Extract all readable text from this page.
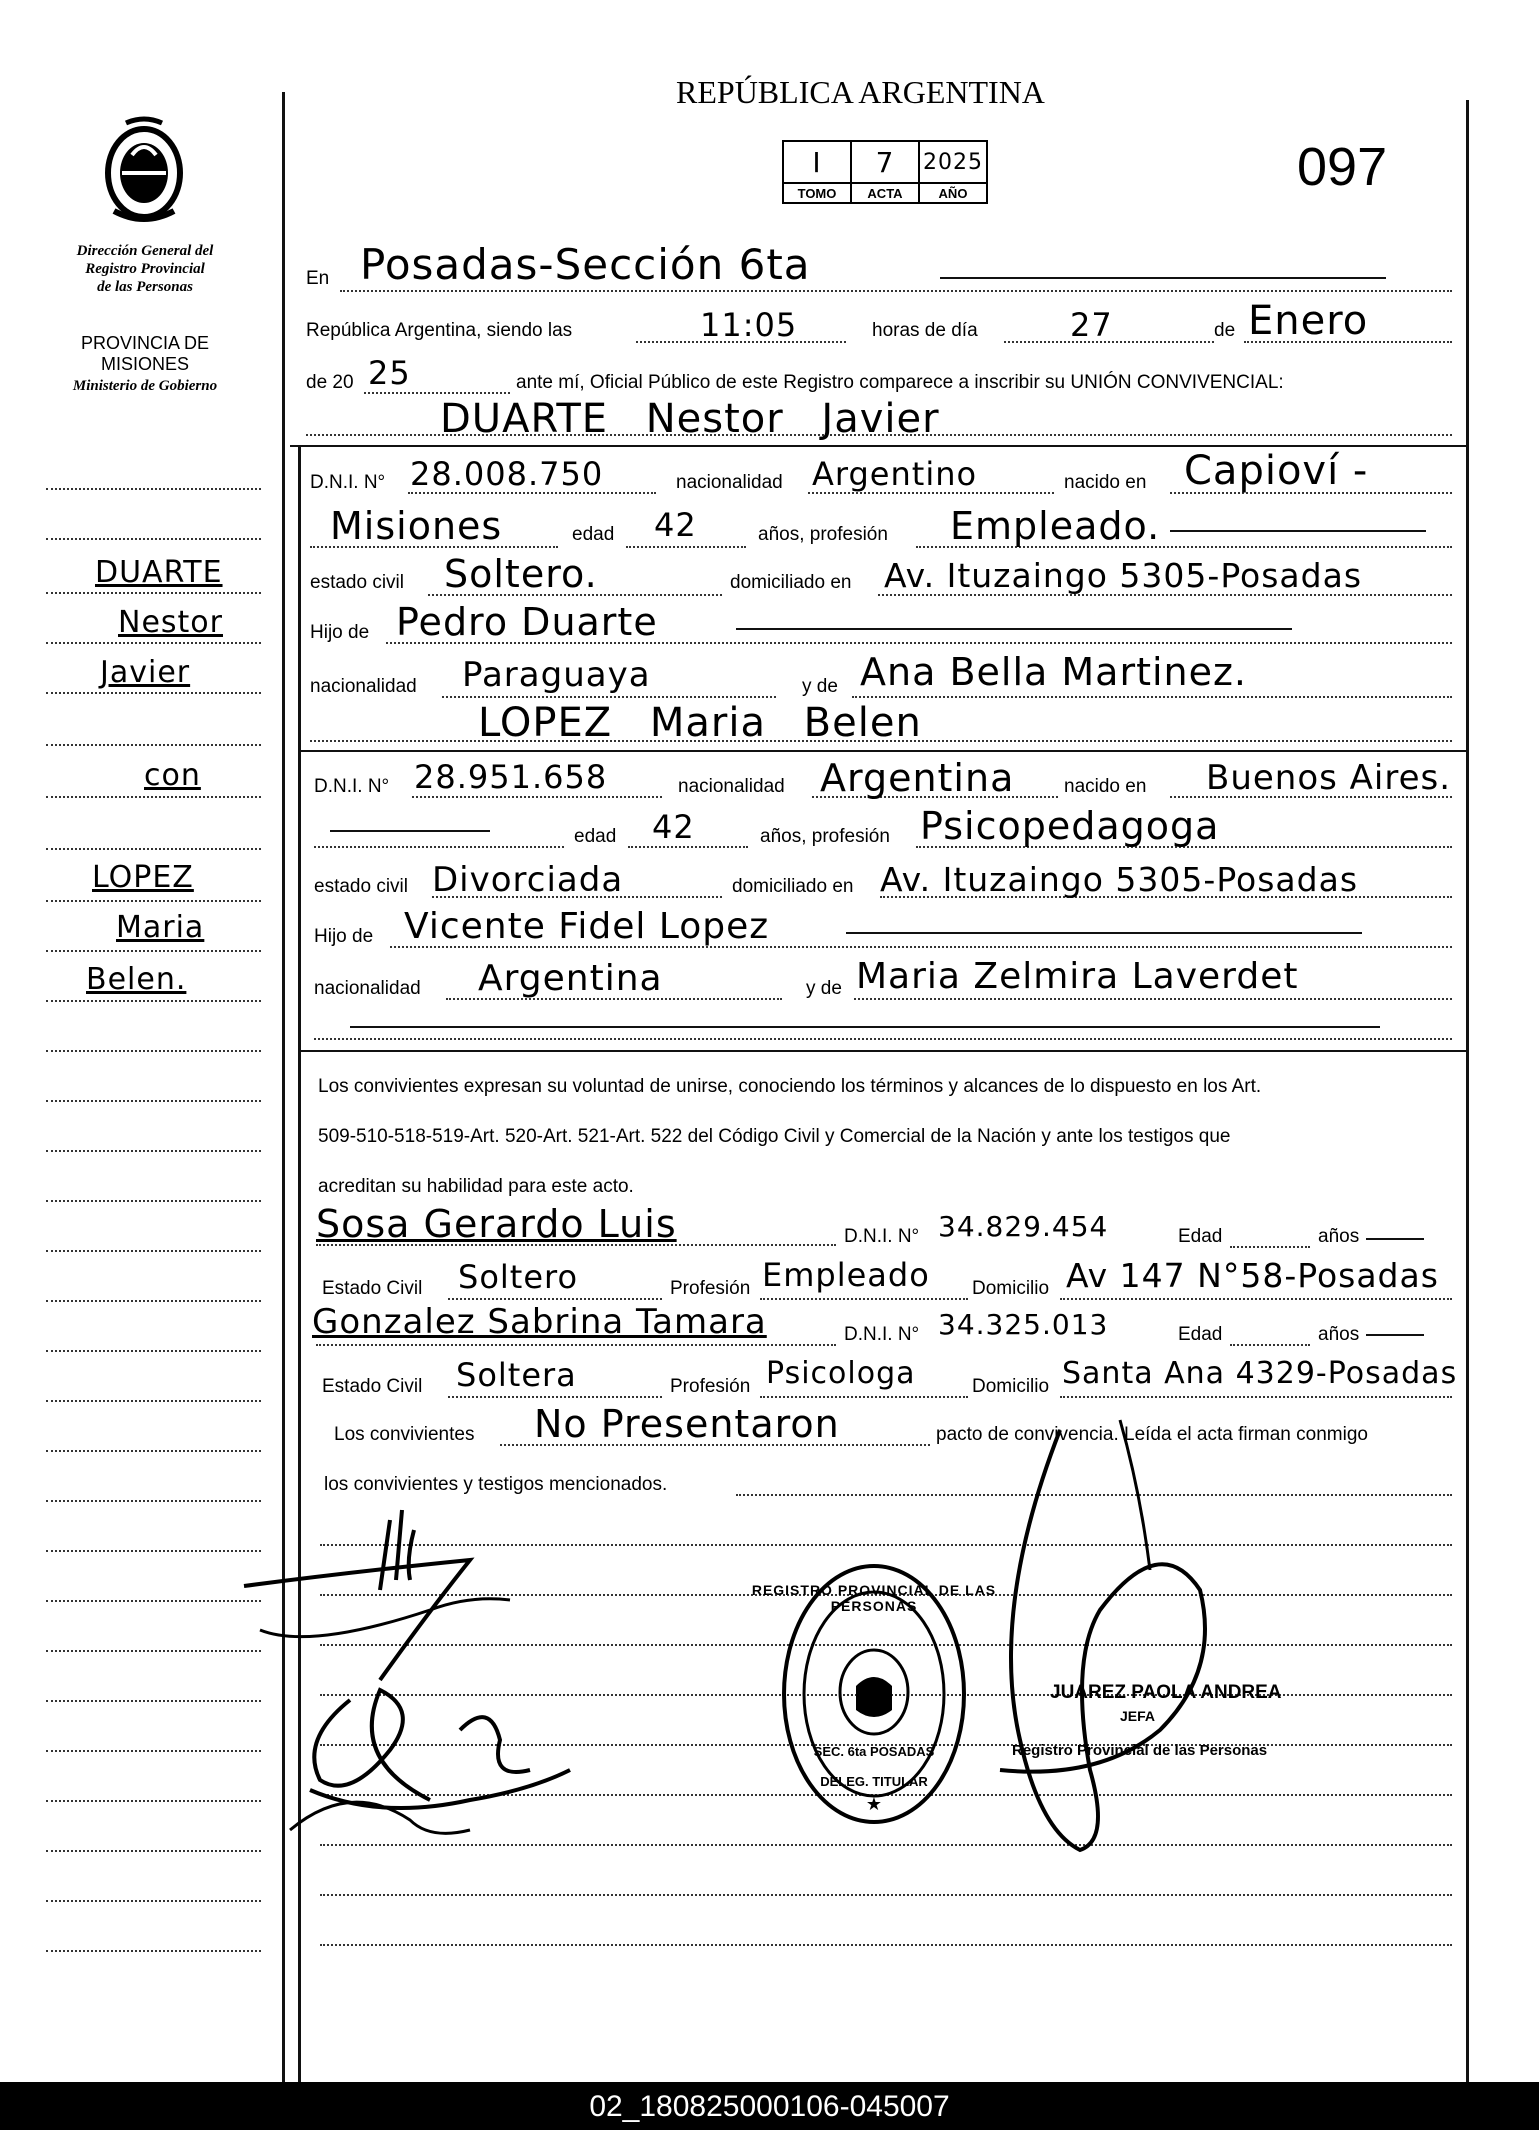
REPÚBLICA ARGENTINA
I	7	2025
TOMO	ACTA	AÑO	097
Dirección General del
Registro Provincial
de las Personas
PROVINCIA DE
MISIONES
Ministerio de Gobierno
DUARTE
Nestor
Javier
con
LOPEZ
Maria
Belen.
En Posadas-Sección 6ta
República Argentina, siendo las	11:05	horas de día	27	de Enero
de 20 25	ante mí, Oficial Público de este Registro comparece a inscribir su UNIÓN CONVIVENCIAL:
DUARTE Nestor Javier
D.N.I. N° 28.008.750	nacionalidad Argentino	nacido en Capioví -
Misiones	edad 42	años, profesión Empleado.
estado civil Soltero.	domiciliado en Av. Ituzaingo 5305-Posadas
Hijo de Pedro Duarte
nacionalidad Paraguaya	y de Ana Bella Martinez.
LOPEZ Maria Belen
D.N.I. N° 28.951.658	nacionalidad Argentina	nacido en Buenos Aires.
edad 42	años, profesión Psicopedagoga
estado civil Divorciada	domiciliado en Av. Ituzaingo 5305-Posadas
Hijo de Vicente Fidel Lopez
nacionalidad Argentina	y de Maria Zelmira Laverdet
Los convivientes expresan su voluntad de unirse, conociendo los términos y alcances de lo dispuesto en los Art.
509-510-518-519-Art. 520-Art. 521-Art. 522 del Código Civil y Comercial de la Nación y ante los testigos que
acreditan su habilidad para este acto.
Sosa Gerardo Luis	D.N.I. N° 34.829.454	Edad	años
Estado Civil Soltero	Profesión Empleado Domicilio Av 147 N°58-Posadas
Gonzalez Sabrina Tamara	D.N.I. N° 34.325.013	Edad	años
Estado Civil Soltera	Profesión Psicologa	Domicilio Santa Ana 4329-Posadas
Los convivientes No Presentaron	pacto de convivencia. Leída el acta firman conmigo
los convivientes y testigos mencionados.
★
REGISTRO PROVINCIAL DE LAS PERSONAS
DELEG. TITULAR
SEC. 6ta POSADAS
JUAREZ PAOLA ANDREA
JEFA
Registro Provincial de las Personas
02_180825000106-045007
